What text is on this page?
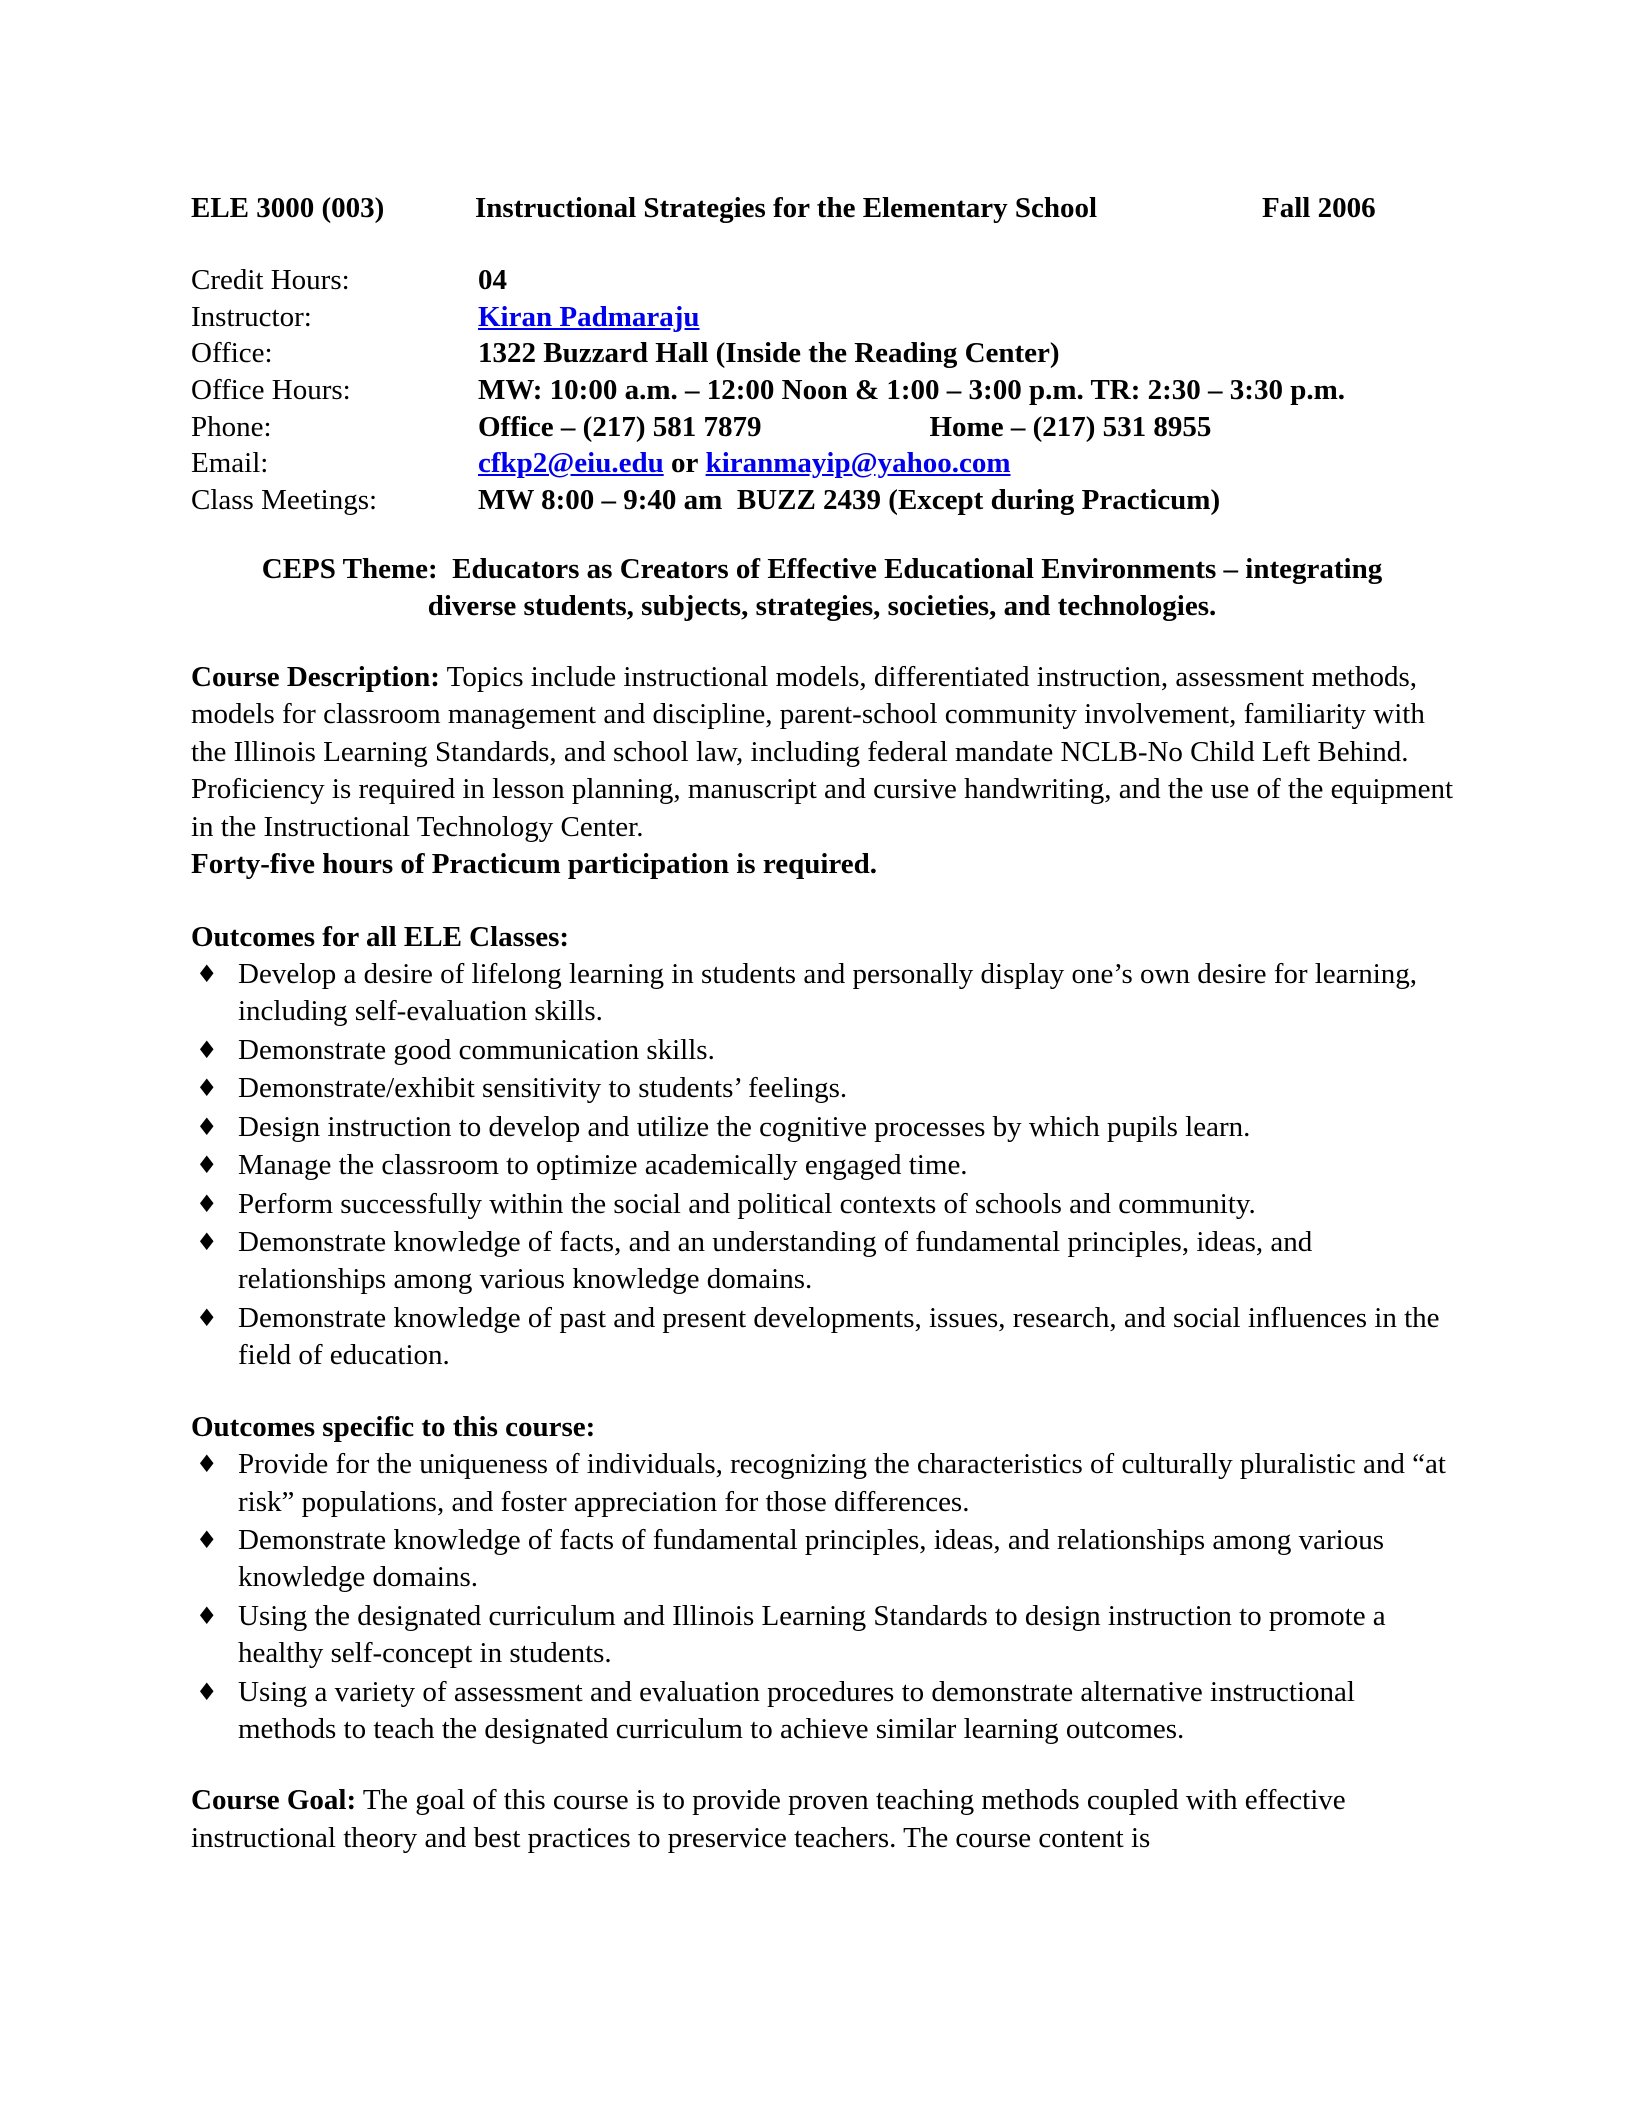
ELE 3000 (003)	Instructional Strategies for the Elementary School	Fall 2006
Credit Hours:	04
Instructor:	Kiran Padmaraju
Office:	1322 Buzzard Hall (Inside the Reading Center)
Office Hours:	MW: 10:00 a.m. – 12:00 Noon & 1:00 – 3:00 p.m. TR: 2:30 – 3:30 p.m.
Phone:	Office – (217) 581 7879	Home – (217) 531 8955
Email:	cfkp2@eiu.edu or kiranmayip@yahoo.com
Class Meetings:	MW 8:00 – 9:40 am  BUZZ 2439 (Except during Practicum)
CEPS Theme:  Educators as Creators of Effective Educational Environments – integrating
diverse students, subjects, strategies, societies, and technologies.
Course Description: Topics include instructional models, differentiated instruction, assessment methods, models for classroom management and discipline, parent-school community involvement, familiarity with the Illinois Learning Standards, and school law, including federal mandate NCLB-No Child Left Behind. Proficiency is required in lesson planning, manuscript and cursive handwriting, and the use of the equipment in the Instructional Technology Center.
Forty-five hours of Practicum participation is required.
Outcomes for all ELE Classes:
♦ Develop a desire of lifelong learning in students and personally display one’s own desire for learning, including self-evaluation skills.
♦ Demonstrate good communication skills.
♦ Demonstrate/exhibit sensitivity to students’ feelings.
♦ Design instruction to develop and utilize the cognitive processes by which pupils learn.
♦ Manage the classroom to optimize academically engaged time.
♦ Perform successfully within the social and political contexts of schools and community.
♦ Demonstrate knowledge of facts, and an understanding of fundamental principles, ideas, and relationships among various knowledge domains.
♦ Demonstrate knowledge of past and present developments, issues, research, and social influences in the field of education.
Outcomes specific to this course:
♦ Provide for the uniqueness of individuals, recognizing the characteristics of culturally pluralistic and “at risk” populations, and foster appreciation for those differences.
♦ Demonstrate knowledge of facts of fundamental principles, ideas, and relationships among various knowledge domains.
♦ Using the designated curriculum and Illinois Learning Standards to design instruction to promote a healthy self-concept in students.
♦ Using a variety of assessment and evaluation procedures to demonstrate alternative instructional methods to teach the designated curriculum to achieve similar learning outcomes.
Course Goal: The goal of this course is to provide proven teaching methods coupled with effective instructional theory and best practices to preservice teachers. The course content is
